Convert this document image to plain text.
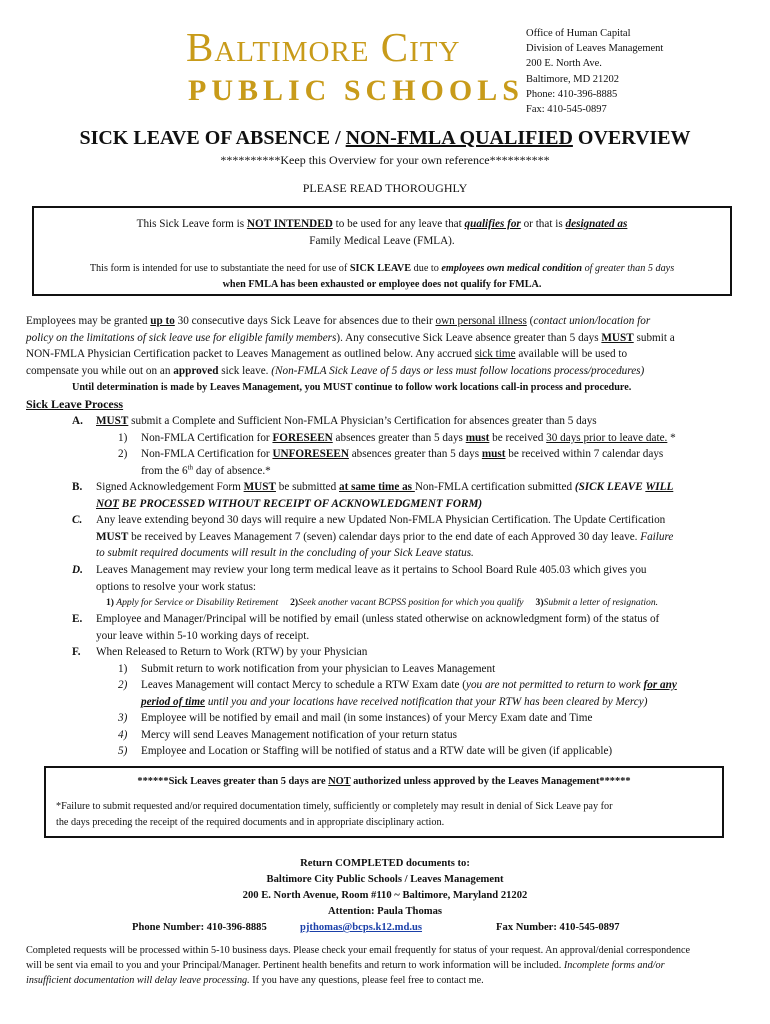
Baltimore City
PUBLIC SCHOOLS
Office of Human Capital
Division of Leaves Management
200 E. North Ave.
Baltimore, MD 21202
Phone: 410-396-8885
Fax: 410-545-0897
SICK LEAVE OF ABSENCE / NON-FMLA QUALIFIED OVERVIEW
**********Keep this Overview for your own reference**********
PLEASE READ THOROUGHLY
This Sick Leave form is NOT INTENDED to be used for any leave that qualifies for or that is designated as
Family Medical Leave (FMLA).
This form is intended for use to substantiate the need for use of SICK LEAVE due to employees own medical condition of greater than 5 days
when FMLA has been exhausted or employee does not qualify for FMLA.
Employees may be granted up to 30 consecutive days Sick Leave for absences due to their own personal illness (contact union/location for
policy on the limitations of sick leave use for eligible family members). Any consecutive Sick Leave absence greater than 5 days MUST submit a
NON-FMLA Physician Certification packet to Leaves Management as outlined below. Any accrued sick time available will be used to
compensate you while out on an approved sick leave. (Non-FMLA Sick Leave of 5 days or less must follow locations process/procedures)
Until determination is made by Leaves Management, you MUST continue to follow work locations call-in process and procedure.
Sick Leave Process
A. MUST submit a Complete and Sufficient Non-FMLA Physician’s Certification for absences greater than 5 days
1) Non-FMLA Certification for FORESEEN absences greater than 5 days must be received 30 days prior to leave date. *
2) Non-FMLA Certification for UNFORESEEN absences greater than 5 days must be received within 7 calendar days
from the 6th day of absence.*
B. Signed Acknowledgement Form MUST be submitted at same time as Non-FMLA certification submitted (SICK LEAVE WILL
NOT BE PROCESSED WITHOUT RECEIPT OF ACKNOWLEDGMENT FORM)
C. Any leave extending beyond 30 days will require a new Updated Non-FMLA Physician Certification. The Update Certification
MUST be received by Leaves Management 7 (seven) calendar days prior to the end date of each Approved 30 day leave. Failure
to submit required documents will result in the concluding of your Sick Leave status.
D. Leaves Management may review your long term medical leave as it pertains to School Board Rule 405.03 which gives you
options to resolve your work status:
1) Apply for Service or Disability Retirement 2)Seek another vacant BCPSS position for which you qualify 3)Submit a letter of resignation.
E. Employee and Manager/Principal will be notified by email (unless stated otherwise on acknowledgment form) of the status of
your leave within 5-10 working days of receipt.
F. When Released to Return to Work (RTW) by your Physician
1) Submit return to work notification from your physician to Leaves Management
2) Leaves Management will contact Mercy to schedule a RTW Exam date (you are not permitted to return to work for any
period of time until you and your locations have received notification that your RTW has been cleared by Mercy)
3) Employee will be notified by email and mail (in some instances) of your Mercy Exam date and Time
4) Mercy will send Leaves Management notification of your return status
5) Employee and Location or Staffing will be notified of status and a RTW date will be given (if applicable)
******Sick Leaves greater than 5 days are NOT authorized unless approved by the Leaves Management******
*Failure to submit requested and/or required documentation timely, sufficiently or completely may result in denial of Sick Leave pay for
the days preceding the receipt of the required documents and in appropriate disciplinary action.
Return COMPLETED documents to:
Baltimore City Public Schools / Leaves Management
200 E. North Avenue, Room #110 ~ Baltimore, Maryland 21202
Attention: Paula Thomas
Phone Number: 410-396-8885	pjthomas@bcps.k12.md.us	Fax Number: 410-545-0897
Completed requests will be processed within 5-10 business days. Please check your email frequently for status of your request. An approval/denial correspondence
will be sent via email to you and your Principal/Manager. Pertinent health benefits and return to work information will be included. Incomplete forms and/or
insufficient documentation will delay leave processing. If you have any questions, please feel free to contact me.
